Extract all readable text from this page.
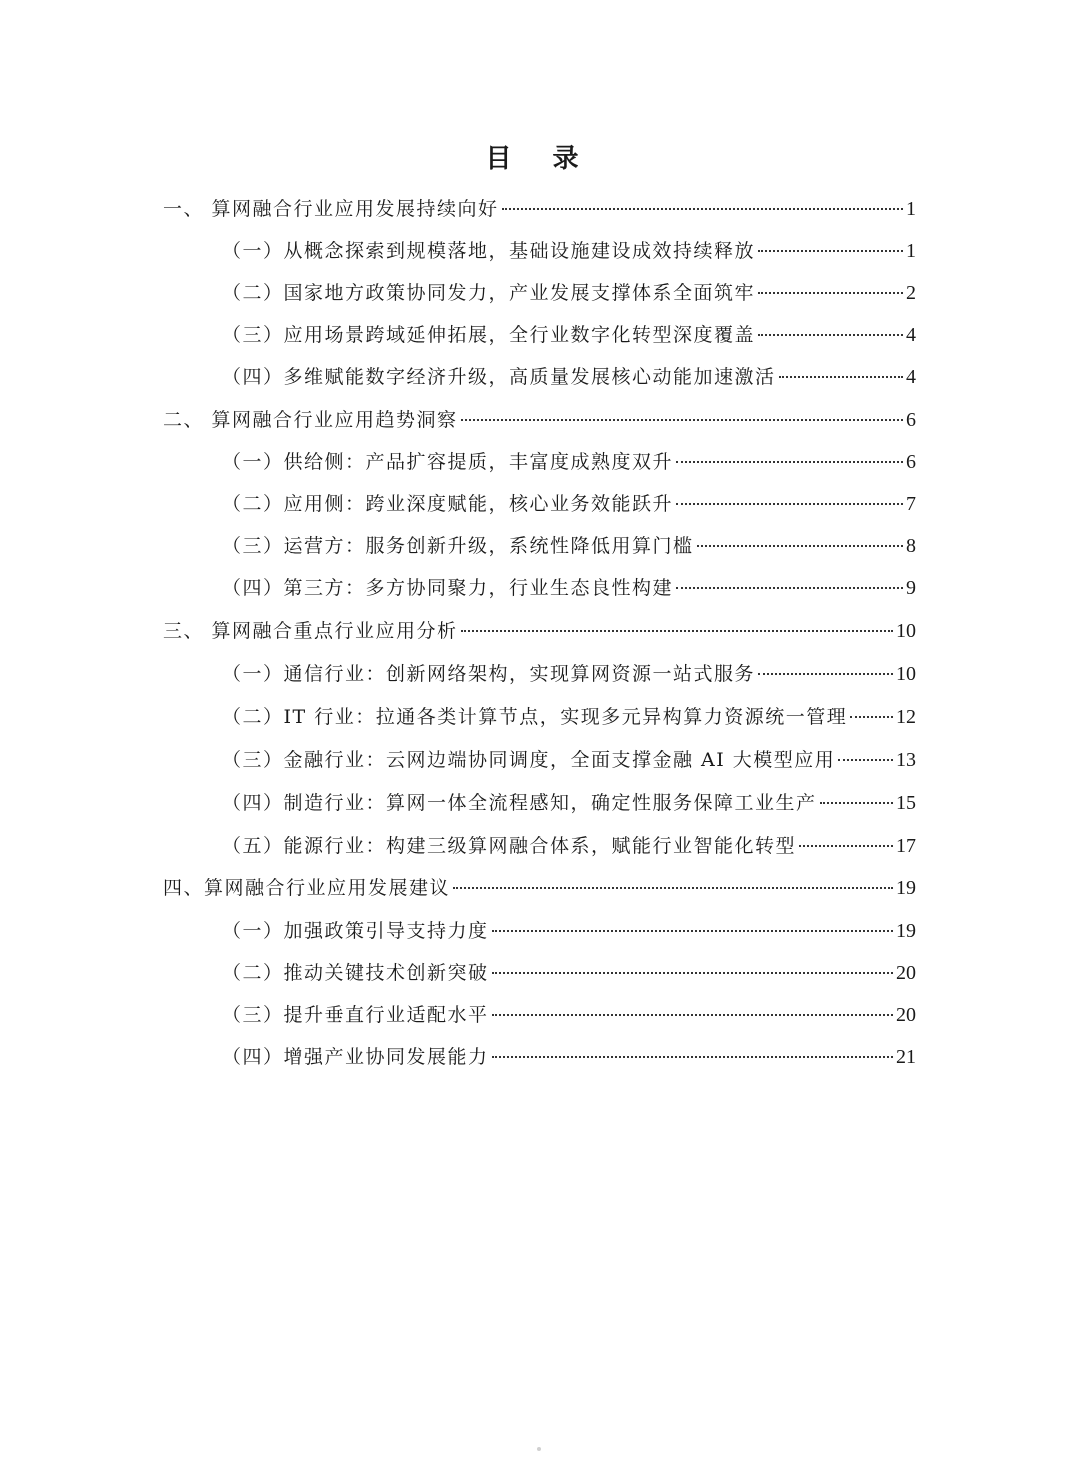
目 录
一、 算网融合行业应用发展持续向好	1
（一）从概念探索到规模落地，基础设施建设成效持续释放	1
（二）国家地方政策协同发力，产业发展支撑体系全面筑牢	2
（三）应用场景跨域延伸拓展，全行业数字化转型深度覆盖	4
（四）多维赋能数字经济升级，高质量发展核心动能加速激活	4
二、 算网融合行业应用趋势洞察	6
（一）供给侧：产品扩容提质，丰富度成熟度双升	6
（二）应用侧：跨业深度赋能，核心业务效能跃升	7
（三）运营方：服务创新升级，系统性降低用算门槛	8
（四）第三方：多方协同聚力，行业生态良性构建	9
三、 算网融合重点行业应用分析	10
（一）通信行业：创新网络架构，实现算网资源一站式服务	10
（二）IT 行业：拉通各类计算节点，实现多元异构算力资源统一管理 12
（三）金融行业：云网边端协同调度，全面支撑金融 AI 大模型应用	13
（四）制造行业：算网一体全流程感知，确定性服务保障工业生产	15
（五）能源行业：构建三级算网融合体系，赋能行业智能化转型	17
四、算网融合行业应用发展建议	19
（一）加强政策引导支持力度	19
（二）推动关键技术创新突破	20
（三）提升垂直行业适配水平	20
（四）增强产业协同发展能力	21
